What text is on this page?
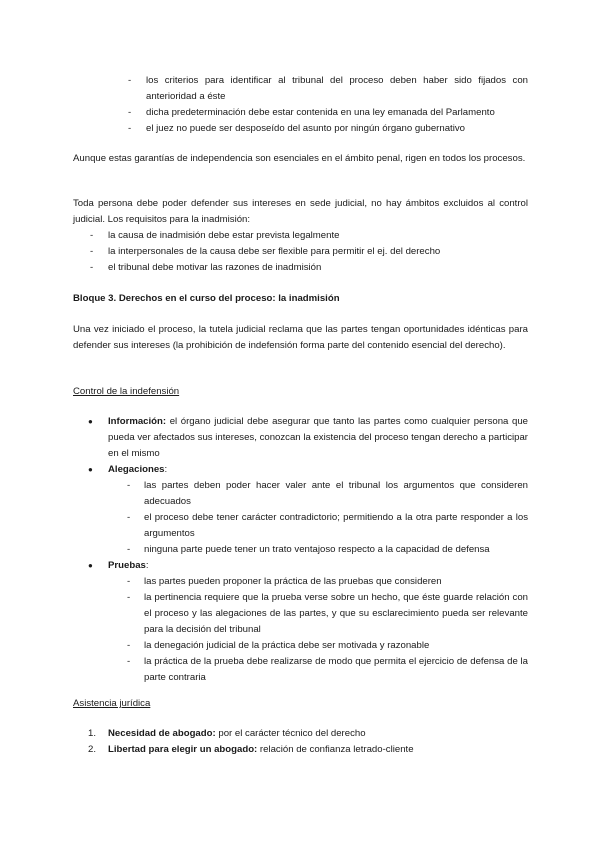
- los criterios para identificar al tribunal del proceso deben haber sido fijados con anterioridad a éste
- dicha predeterminación debe estar contenida en una ley emanada del Parlamento
- el juez no puede ser desposeído del asunto por ningún órgano gubernativo

Aunque estas garantías de independencia son esenciales en el ámbito penal, rigen en todos los procesos.

Toda persona debe poder defender sus intereses en sede judicial, no hay ámbitos excluidos al control judicial. Los requisitos para la inadmisión:

- la causa de inadmisión debe estar prevista legalmente
- la interpersonales de la causa debe ser flexible para permitir el ej. del derecho
- el tribunal debe motivar las razones de inadmisión

Bloque 3. Derechos en el curso del proceso: la inadmisión

Una vez iniciado el proceso, la tutela judicial reclama que las partes tengan oportunidades idénticas para defender sus intereses (la prohibición de indefensión forma parte del contenido esencial del derecho).

Control de la indefensión

● Información: el órgano judicial debe asegurar que tanto las partes como cualquier persona que pueda ver afectados sus intereses, conozcan la existencia del proceso tengan derecho a participar en el mismo
● Alegaciones:
- las partes deben poder hacer valer ante el tribunal los argumentos que consideren adecuados
- el proceso debe tener carácter contradictorio; permitiendo a la otra parte responder a los argumentos
- ninguna parte puede tener un trato ventajoso respecto a la capacidad de defensa
● Pruebas:
- las partes pueden proponer la práctica de las pruebas que consideren
- la pertinencia requiere que la prueba verse sobre un hecho, que éste guarde relación con el proceso y las alegaciones de las partes, y que su esclarecimiento pueda ser relevante para la decisión del tribunal
- la denegación judicial de la práctica debe ser motivada y razonable
- la práctica de la prueba debe realizarse de modo que permita el ejercicio de defensa de la parte contraria

Asistencia jurídica

1. Necesidad de abogado: por el carácter técnico del derecho
2. Libertad para elegir un abogado: relación de confianza letrado-cliente
